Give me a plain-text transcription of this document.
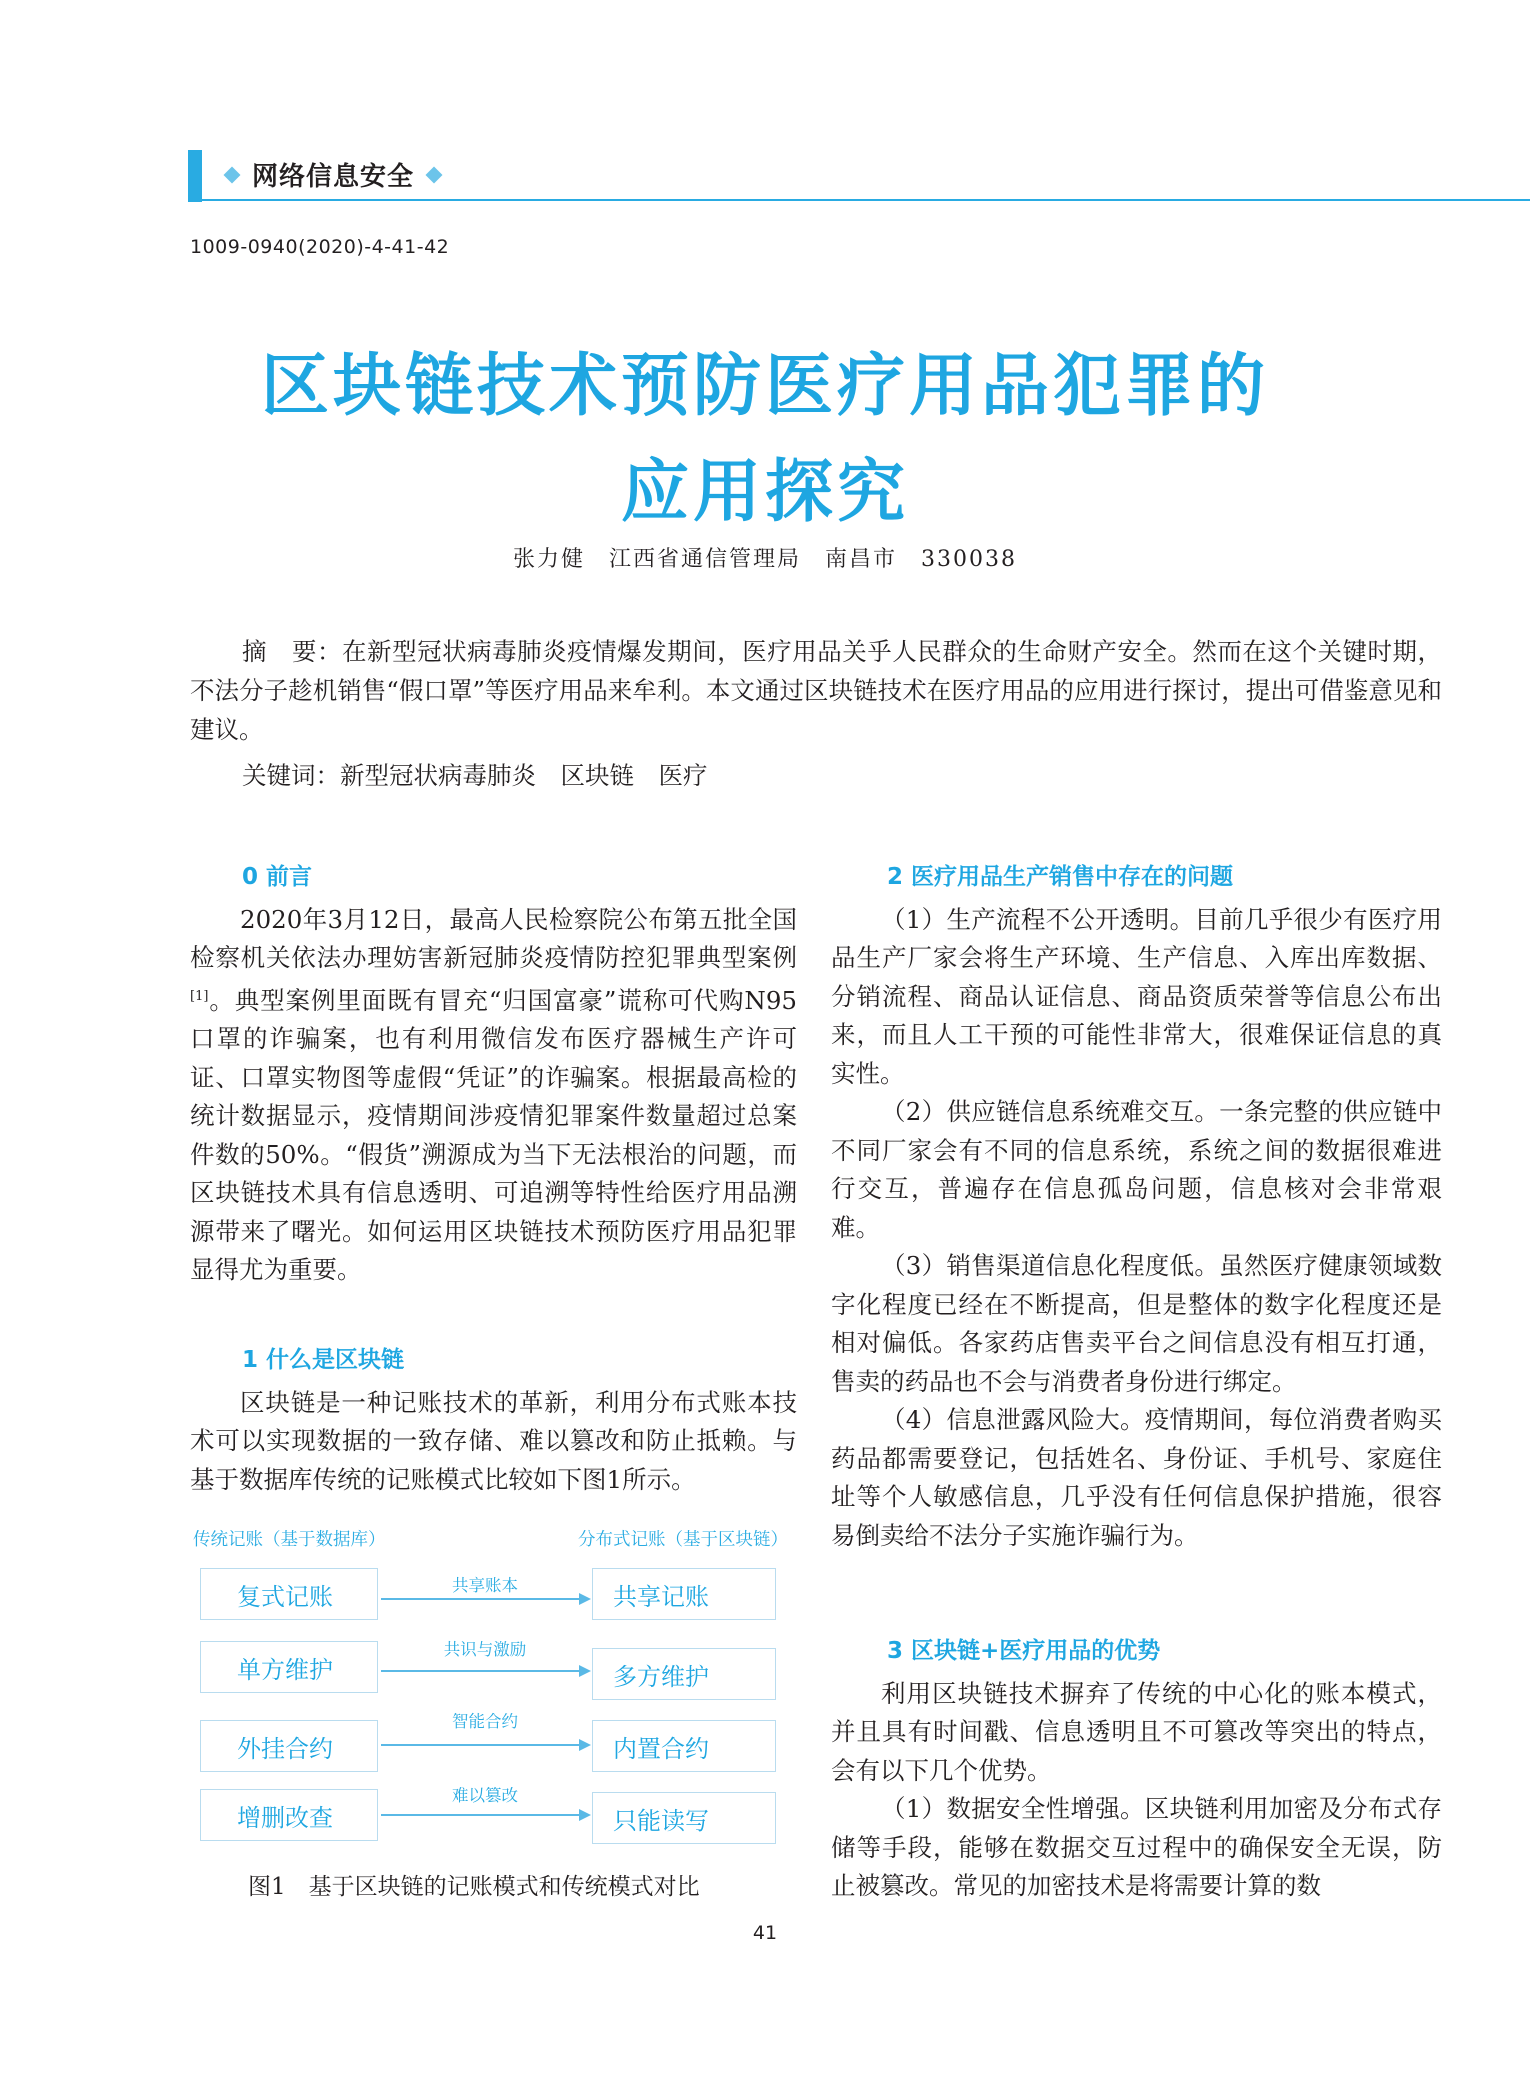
网络信息安全
1009-0940(2020)-4-41-42
区块链技术预防医疗用品犯罪的
应用探究
张力健　江西省通信管理局　南昌市　330038
摘　要：在新型冠状病毒肺炎疫情爆发期间，医疗用品关乎人民群众的生命财产安全。然而在这个关键时期，不法分子趁机销售“假口罩”等医疗用品来牟利。本文通过区块链技术在医疗用品的应用进行探讨，提出可借鉴意见和建议。
关键词：新型冠状病毒肺炎　区块链　医疗

0 前言

2020年3月12日，最高人民检察院公布第五批全国检察机关依法办理妨害新冠肺炎疫情防控犯罪典型案例[1]。典型案例里面既有冒充“归国富豪”谎称可代购N95口罩的诈骗案，也有利用微信发布医疗器械生产许可证、口罩实物图等虚假“凭证”的诈骗案。根据最高检的统计数据显示，疫情期间涉疫情犯罪案件数量超过总案件数的50%。“假货”溯源成为当下无法根治的问题，而区块链技术具有信息透明、可追溯等特性给医疗用品溯源带来了曙光。如何运用区块链技术预防医疗用品犯罪显得尤为重要。

1 什么是区块链

区块链是一种记账技术的革新，利用分布式账本技术可以实现数据的一致存储、难以篡改和防止抵赖。与基于数据库传统的记账模式比较如下图1所示。

传统记账（基于数据库）	分布式记账（基于区块链）
复式记账	共享账本	共享记账
单方维护
共识与激励
多方维护
外挂合约
智能合约
内置合约
增删改查
难以篡改
只能读写
图1　基于区块链的记账模式和传统模式对比

2 医疗用品生产销售中存在的问题

（1）生产流程不公开透明。目前几乎很少有医疗用品生产厂家会将生产环境、生产信息、入库出库数据、分销流程、商品认证信息、商品资质荣誉等信息公布出来，而且人工干预的可能性非常大，很难保证信息的真实性。

（2）供应链信息系统难交互。一条完整的供应链中不同厂家会有不同的信息系统，系统之间的数据很难进行交互，普遍存在信息孤岛问题，信息核对会非常艰难。

（3）销售渠道信息化程度低。虽然医疗健康领域数字化程度已经在不断提高，但是整体的数字化程度还是相对偏低。各家药店售卖平台之间信息没有相互打通，售卖的药品也不会与消费者身份进行绑定。

（4）信息泄露风险大。疫情期间，每位消费者购买药品都需要登记，包括姓名、身份证、手机号、家庭住址等个人敏感信息，几乎没有任何信息保护措施，很容易倒卖给不法分子实施诈骗行为。

3 区块链+医疗用品的优势

利用区块链技术摒弃了传统的中心化的账本模式，并且具有时间戳、信息透明且不可篡改等突出的特点，会有以下几个优势。

（1）数据安全性增强。区块链利用加密及分布式存储等手段，能够在数据交互过程中的确保安全无误，防止被篡改。常见的加密技术是将需要计算的数

41
